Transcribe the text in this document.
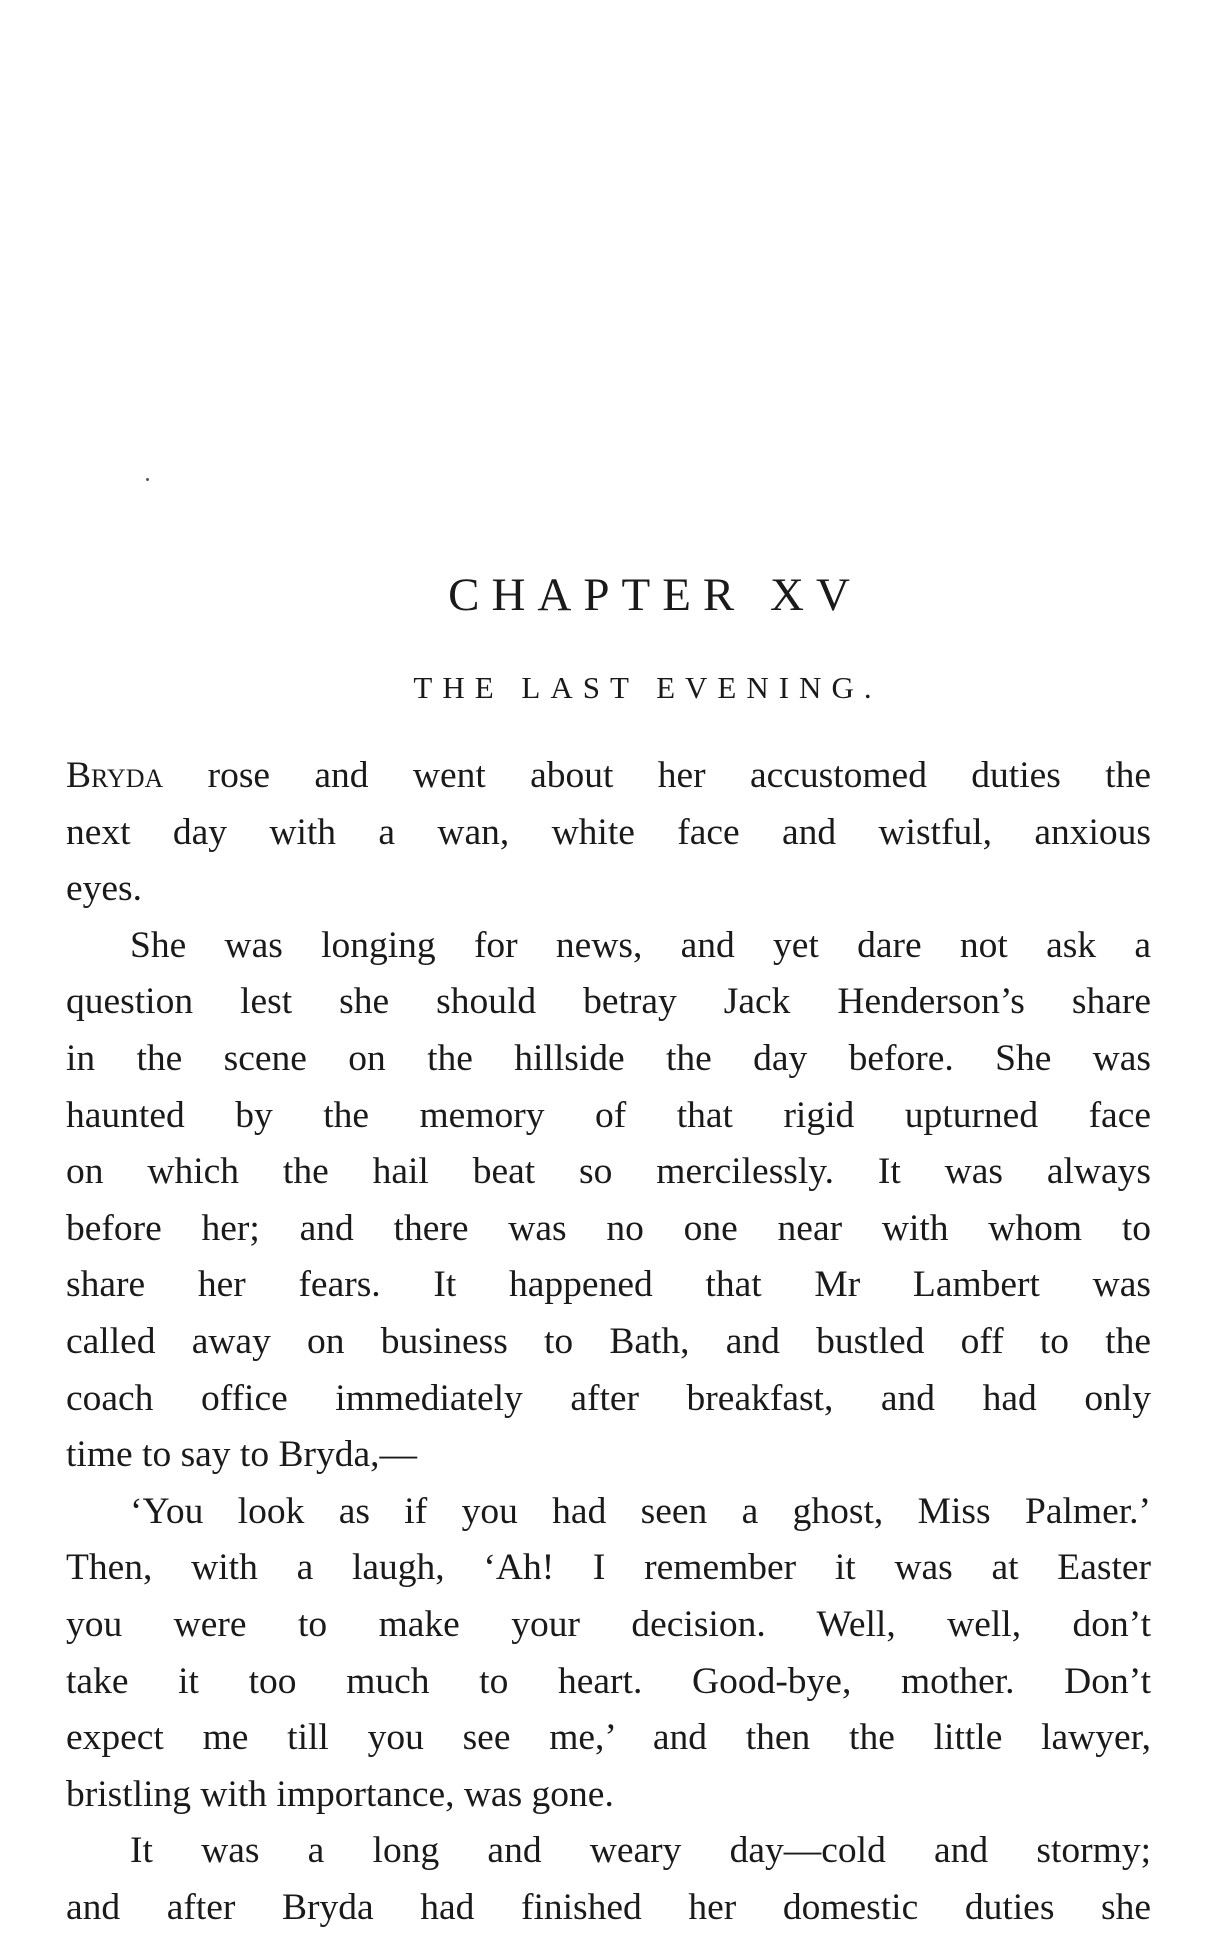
CHAPTER XV
THE LAST EVENING.
Bryda rose and went about her accustomed duties the
next day with a wan, white face and wistful, anxious
eyes.
She was longing for news, and yet dare not ask a
question lest she should betray Jack Henderson’s share
in the scene on the hillside the day before. She was
haunted by the memory of that rigid upturned face
on which the hail beat so mercilessly. It was always
before her; and there was no one near with whom to
share her fears. It happened that Mr Lambert was
called away on business to Bath, and bustled off to the
coach office immediately after breakfast, and had only
time to say to Bryda,—
‘You look as if you had seen a ghost, Miss Palmer.’
Then, with a laugh, ‘Ah! I remember it was at Easter
you were to make your decision. Well, well, don’t
take it too much to heart. Good-bye, mother. Don’t
expect me till you see me,’ and then the little lawyer,
bristling with importance, was gone.
It was a long and weary day—cold and stormy;
and after Bryda had finished her domestic duties she
